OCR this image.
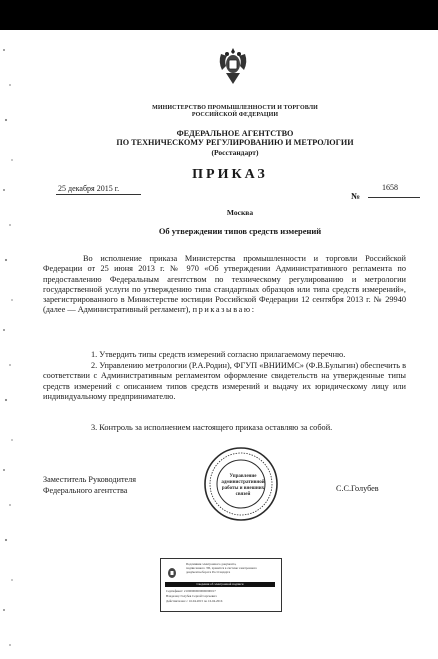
МИНИСТЕРСТВО ПРОМЫШЛЕННОСТИ И ТОРГОВЛИ
РОССИЙСКОЙ ФЕДЕРАЦИИ
ФЕДЕРАЛЬНОЕ АГЕНТСТВО
ПО ТЕХНИЧЕСКОМУ РЕГУЛИРОВАНИЮ И МЕТРОЛОГИИ
(Росстандарт)
ПРИКАЗ
25 декабря 2015 г.
№
1658
Москва
Об утверждении типов средств измерений
Во исполнение приказа Министерства промышленности и торговли Российской Федерации от 25 июня 2013 г. № 970 «Об утверждении Административного регламента по предоставлению Федеральным агентством по техническому регулированию и метрологии государственной услуги по утверждению типа стандартных образцов или типа средств измерений», зарегистрированного в Министерстве юстиции Российской Федерации 12 сентября 2013 г. № 29940 (далее — Административный регламент), приказываю:
1. Утвердить типы средств измерений согласно прилагаемому перечню.
2. Управлению метрологии (Р.А.Родин), ФГУП «ВНИИМС» (Ф.В.Булыгин) обеспечить в соответствии с Административным регламентом оформление свидетельств на утвержденные типы средств измерений с описанием типов средств измерений и выдачу их юридическому лицу или индивидуальному предпринимателю.
3. Контроль за исполнением настоящего приказа оставляю за собой.
Заместитель Руководителя
Федерального агентства	С.С.Голубев
Управление
административной
работы и внешних
связей
Подлинник электронного документа,
подписанного ЭП, хранится в системе электронного
документооборота Росстандарта
Сведения об электронной подписи
Сертификат: 21000000000000000017
Владелец: Голубев Сергей Сергеевич
Действителен: с 16.04.2015 по 16.04.2016
